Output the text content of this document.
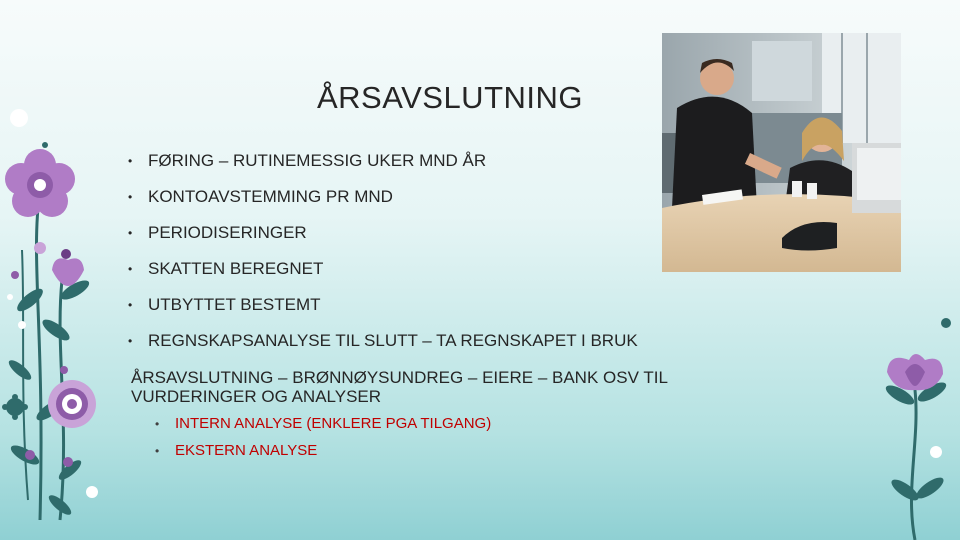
ÅRSAVSLUTNING
• FØRING – RUTINEMESSIG UKER MND ÅR
• KONTOAVSTEMMING PR MND
• PERIODISERINGER
• SKATTEN BEREGNET
• UTBYTTET BESTEMT
• REGNSKAPSANALYSE TIL SLUTT – TA REGNSKAPET I BRUK
ÅRSAVSLUTNING – BRØNNØYSUNDREG – EIERE – BANK OSV TIL VURDERINGER OG ANALYSER
• INTERN ANALYSE (ENKLERE PGA TILGANG)
• EKSTERN ANALYSE
